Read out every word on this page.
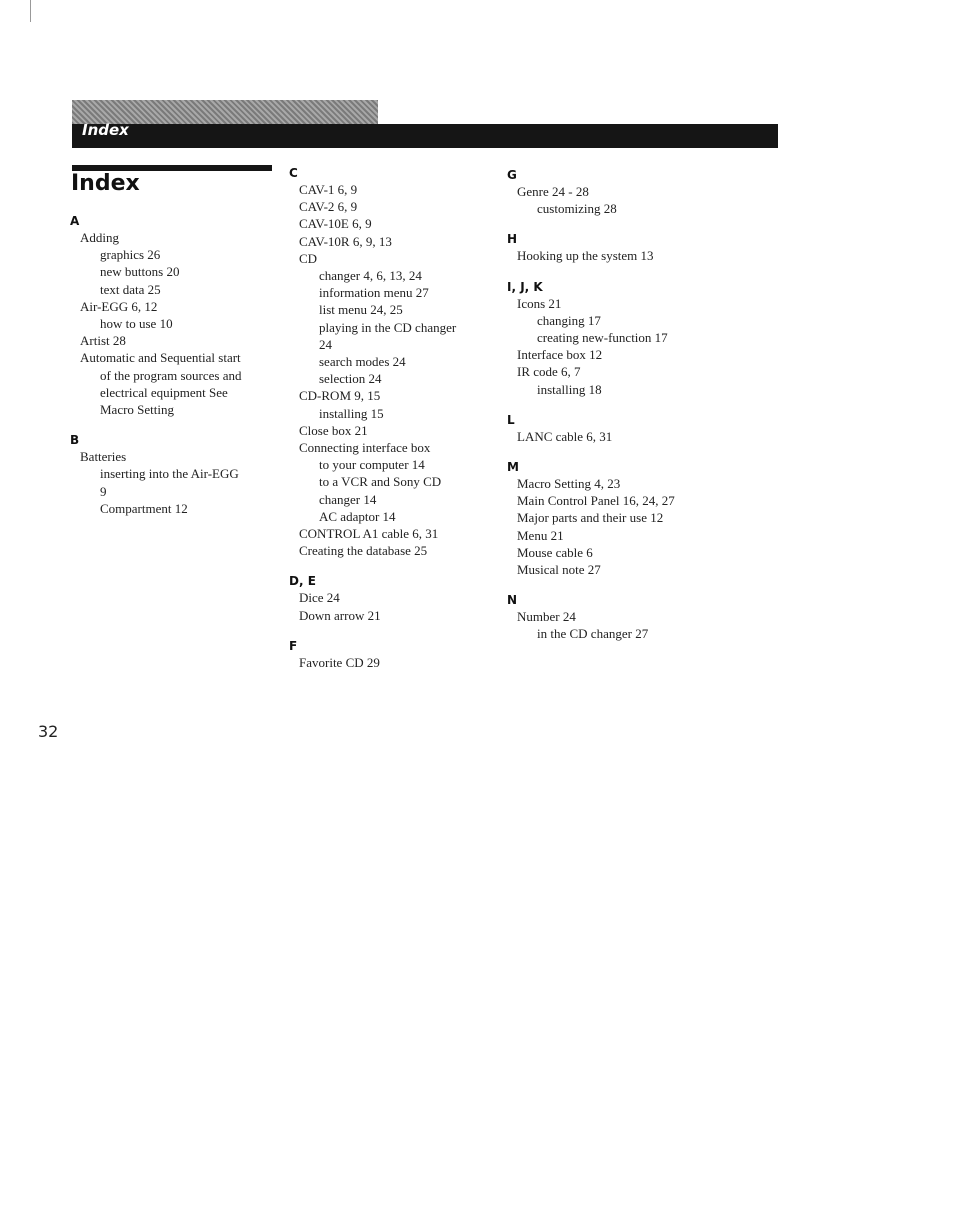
Index
Index
A
Adding
graphics 26
new buttons 20
text data 25
Air-EGG 6, 12
how to use 10
Artist 28
Automatic and Sequential start
of the program sources and
electrical equipment See
Macro Setting
B
Batteries
inserting into the Air-EGG
9
Compartment 12
C
CAV-1 6, 9
CAV-2 6, 9
CAV-10E 6, 9
CAV-10R 6, 9, 13
CD
changer 4, 6, 13, 24
information menu 27
list menu 24, 25
playing in the CD changer
24
search modes 24
selection 24
CD-ROM 9, 15
installing 15
Close box 21
Connecting interface box
to your computer 14
to a VCR and Sony CD
changer 14
AC adaptor 14
CONTROL A1 cable 6, 31
Creating the database 25
D, E
Dice 24
Down arrow 21
F
Favorite CD 29
G
Genre 24 - 28
customizing 28
H
Hooking up the system 13
I, J, K
Icons 21
changing 17
creating new-function 17
Interface box 12
IR code 6, 7
installing 18
L
LANC cable 6, 31
M
Macro Setting 4, 23
Main Control Panel 16, 24, 27
Major parts and their use 12
Menu 21
Mouse cable 6
Musical note 27
N
Number 24
in the CD changer 27

32
